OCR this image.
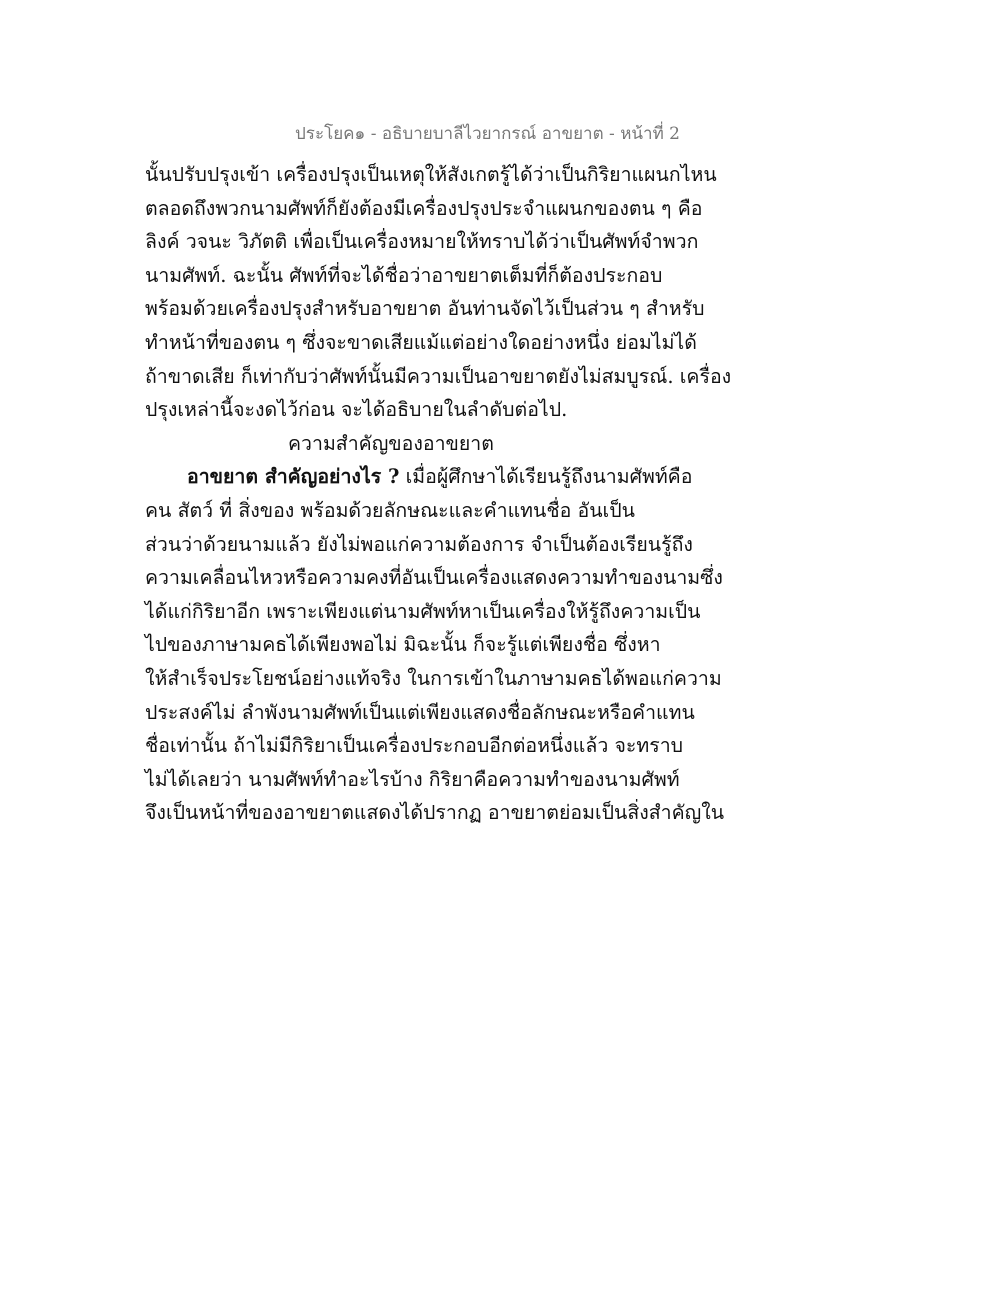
ประโยค๑ - อธิบายบาลีไวยากรณ์ อาขยาต - หน้าที่ 2
นั้นปรับปรุงเข้า เครื่องปรุงเป็นเหตุให้สังเกตรู้ได้ว่าเป็นกิริยาแผนกไหน
ตลอดถึงพวกนามศัพท์ก็ยังต้องมีเครื่องปรุงประจำแผนกของตน ๆ คือ
ลิงค์ วจนะ วิภัตติ เพื่อเป็นเครื่องหมายให้ทราบได้ว่าเป็นศัพท์จำพวก
นามศัพท์. ฉะนั้น ศัพท์ที่จะได้ชื่อว่าอาขยาตเต็มที่ก็ต้องประกอบ
พร้อมด้วยเครื่องปรุงสำหรับอาขยาต อันท่านจัดไว้เป็นส่วน ๆ สำหรับ
ทำหน้าที่ของตน ๆ ซึ่งจะขาดเสียแม้แต่อย่างใดอย่างหนึ่ง ย่อมไม่ได้
ถ้าขาดเสีย ก็เท่ากับว่าศัพท์นั้นมีความเป็นอาขยาตยังไม่สมบูรณ์. เครื่อง
ปรุงเหล่านี้จะงดไว้ก่อน จะได้อธิบายในลำดับต่อไป.
ความสำคัญของอาขยาต
อาขยาต สำคัญอย่างไร ? เมื่อผู้ศึกษาได้เรียนรู้ถึงนามศัพท์คือ
คน สัตว์ ที่ สิ่งของ พร้อมด้วยลักษณะและคำแทนชื่อ อันเป็น
ส่วนว่าด้วยนามแล้ว ยังไม่พอแก่ความต้องการ จำเป็นต้องเรียนรู้ถึง
ความเคลื่อนไหวหรือความคงที่อันเป็นเครื่องแสดงความทำของนามซึ่ง
ได้แก่กิริยาอีก เพราะเพียงแต่นามศัพท์หาเป็นเครื่องให้รู้ถึงความเป็น
ไปของภาษามคธได้เพียงพอไม่ มิฉะนั้น ก็จะรู้แต่เพียงชื่อ ซึ่งหา
ให้สำเร็จประโยชน์อย่างแท้จริง ในการเข้าในภาษามคธได้พอแก่ความ
ประสงค์ไม่ ลำพังนามศัพท์เป็นแต่เพียงแสดงชื่อลักษณะหรือคำแทน
ชื่อเท่านั้น ถ้าไม่มีกิริยาเป็นเครื่องประกอบอีกต่อหนึ่งแล้ว จะทราบ
ไม่ได้เลยว่า นามศัพท์ทำอะไรบ้าง กิริยาคือความทำของนามศัพท์
จึงเป็นหน้าที่ของอาขยาตแสดงได้ปรากฏ อาขยาตย่อมเป็นสิ่งสำคัญใน
